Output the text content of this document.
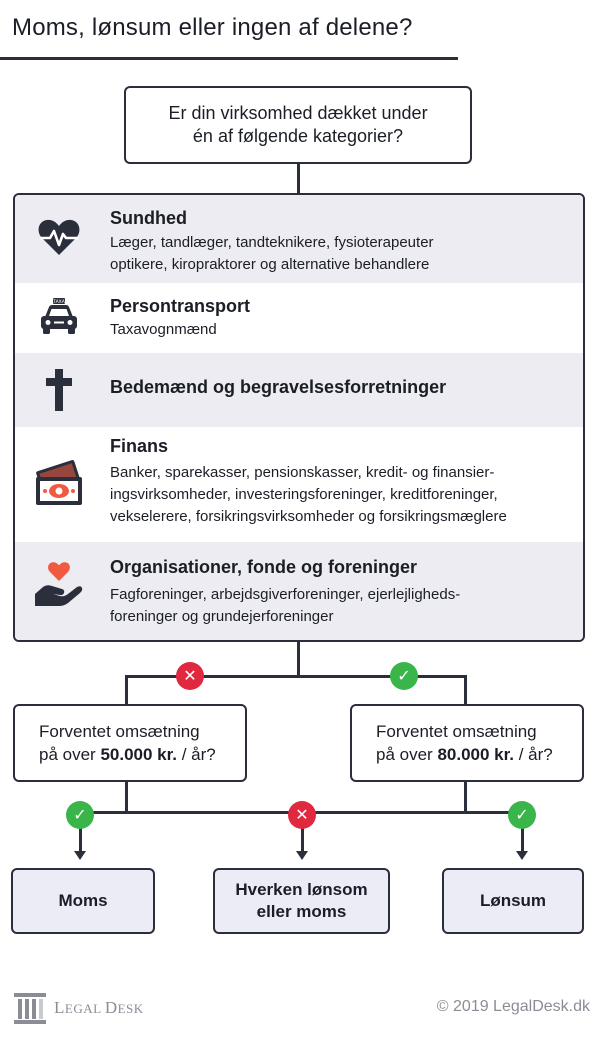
Moms, lønsum eller ingen af delene?
Er din virksomhed dækket under
én af følgende kategorier?
Sundhed
Læger, tandlæger, tandteknikere, fysioterapeuter
optikere, kiropraktorer og alternative behandlere
TAXA	Persontransport
Taxavognmænd
Bedemænd og begravelsesforretninger
Finans
Banker, sparekasser, pensionskasser, kredit- og finansier-
ingsvirksomheder, investeringsforeninger, kreditforeninger,
vekselerere, forsikringsvirksomheder og forsikringsmæglere
Organisationer, fonde og foreninger
Fagforeninger, arbejdsgiverforeninger, ejerlejligheds-
foreninger og grundejerforeninger
✕	✓
Forventet omsætning
på over 50.000 kr. / år?
Forventet omsætning
på over 80.000 kr. / år?
✓	✕	✓
Moms
Hverken lønsom
eller moms
Lønsum
LEGAL DESK	© 2019 LegalDesk.dk
